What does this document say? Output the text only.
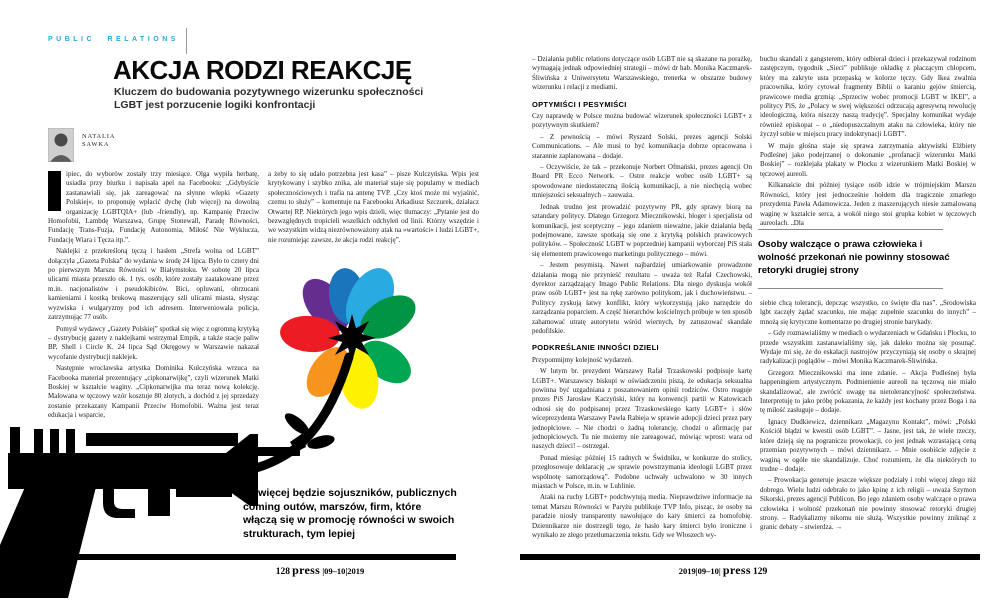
PUBLIC RELATIONS
AKCJA RODZI REAKCJĘ
Kluczem do budowania pozytywnego wizerunku społeczności LGBT jest porzucenie logiki konfrontacji
NATALIA
SAWKA

ipiec, do wyborów zostały trzy miesiące. Olga wypiła herbatę, usiadła przy biurku i napisała apel na Facebooku: „Gdybyście zastanawiali się, jak zareagować na słynne wlepki »Gazety Polskiej«, to proponuję wpłacić dychę (lub więcej) na dowolną organizację LGBTQIA+ (lub -friendly), np. Kampanię Przeciw Homofobii, Lambdę Warszawa, Grupę Stonewall, Paradę Równości, Fundację Trans-Fuzja, Fundację Autonomia, Miłość Nie Wyklucza, Fundację Wiara i Tęcza itp.”.

Naklejki z przekreśloną tęczą i hasłem „Strefa wolna od LGBT” dołączyła „Gazeta Polska” do wydania w środę 24 lipca. Było to cztery dni po pierwszym Marszu Równości w Białymstoku. W sobotę 20 lipca ulicami miasta przeszło ok. 1 tys. osób, które zostały zaatakowane przez m.in. nacjonalistów i pseudokibiców. Bici, opluwani, obrzucani kamieniami i kostką brukową maszerujący szli ulicami miasta, słysząc wyzwiska i wulgaryzmy pod ich adresem. Interweniowała policja, zatrzymując 77 osób.

Pomysł wydawcy „Gazety Polskiej” spotkał się więc z ogromną krytyką – dystrybucję gazety z naklejkami wstrzymał Empik, a także stacje paliw BP, Shell i Circle K. 24 lipca Sąd Okręgowy w Warszawie nakazał wycofanie dystrybucji naklejek.

Następnie wrocławska artystka Dominika Kulczyńska wrzuca na Facebooka materiał prezentujący „cipkonarwijkę”, czyli wizerunek Matki Boskiej w kształcie waginy. „Cipkonarwijka ma teraz nową kolekcję. Malowana w tęczowy wzór kosztuje 80 złotych, a dochód z jej sprzedaży zostanie przekazany Kampanii Przeciw Homofobii. Ważna jest teraz edukacja i wsparcie,

a żeby to się udało potrzebna jest kasa” – pisze Kulczyńska. Wpis jest krytykowany i szybko znika, ale materiał staje się popularny w mediach społecznościowych i trafia na antenę TVP. „Czy ktoś może mi wyjaśnić, czemu to służy” – komentuje na Facebooku Arkadiusz Szczurek, działacz Otwartej RP. Niektórych jego wpis dzieli, więc tłumaczy: „Pytanie jest do bezwzględnych tropicieli wszelkich odchyleń od linii. Którzy wszędzie i we wszystkim widzą niezrównoważony atak na »wartości« i ludzi LGBT+, nie rozumiejąc zawsze, że akcja rodzi reakcję”.

Im więcej będzie sojuszników, publicznych coming outów, marszów, firm, które włączą się w promocję równości w swoich strukturach, tym lepiej
128 press |09–10|2019

– Działania public relations dotyczące osób LGBT nie są skazane na porażkę, wymagają jednak odpowiedniej strategii – mówi dr hab. Monika Kaczmarek-Śliwińska z Uniwersytetu Warszawskiego, trenerka w obszarze budowy wizerunku i relacji z mediami.

OPTYMIŚCI I PESYMIŚCI

Czy naprawdę w Polsce można budować wizerunek społeczności LGBT+ z pozytywnym skutkiem?

– Z pewnością – mówi Ryszard Solski, prezes agencji Solski Communications. – Ale musi to być komunikacja dobrze opracowana i starannie zaplanowana – dodaje.

– Oczywiście, że tak – przekonuje Norbert Ofmański, prezes agencji On Board PR Ecco Network. – Ostre reakcje wobec osób LGBT+ są spowodowane niedostateczną ilością komunikacji, a nie niechęcią wobec mniejszości seksualnych – zauważa.

Jednak trudno jest prowadzić pozytywny PR, gdy sprawy biorą na sztandary politycy. Dlatego Grzegorz Miecznikowski, bloger i specjalista od komunikacji, jest sceptyczny – jego zdaniem nieważne, jakie działania będą podejmowane, zawsze spotkają się one z krytyką polskich prawicowych polityków. – Społeczność LGBT w poprzedniej kampanii wyborczej PiS stała się elementem prawicowego marketingu politycznego – mówi.

– Jestem pesymistą. Nawet najbardziej umiarkowanie prowadzone działania mogą nie przynieść rezultatu – uważa też Rafał Czechowski, dyrektor zarządzający Imago Public Relations. Dla niego dyskusja wokół praw osób LGBT+ jest na rękę zarówno politykom, jak i duchowieństwu. – Politycy zyskują łatwy konflikt, który wykorzystują jako narzędzie do zarządzania poparciem. A część hierarchów kościelnych próbuje w ten sposób zahamować utratę autorytetu wśród wiernych, by zatuszować skandale pedofilskie.

PODKREŚLANIE INNOŚCI DZIELI

Przypomnijmy kolejność wydarzeń.

W lutym br. prezydent Warszawy Rafał Trzaskowski podpisuje kartę LGBT+. Warszawscy biskupi w oświadczeniu piszą, że edukacja seksualna powinna być uzgadniana z poszanowaniem opinii rodziców. Ostro reaguje prezes PiS Jarosław Kaczyński, który na konwencji partii w Katowicach odnosi się do podpisanej przez Trzaskowskiego karty LGBT+ i słów wiceprezydenta Warszawy Pawła Rabieja w sprawie adopcji dzieci przez pary jednopłciowe. – Nie chodzi o żadną tolerancję, chodzi o afirmację par jednopłciowych. Tu nie możemy nie zareagować, mówiąc wprost: wara od naszych dzieci! – ostrzegał.

Ponad miesiąc później 15 radnych w Świdniku, w konkurze do stolicy, przegłosowuje deklarację „w sprawie powstrzymania ideologii LGBT przez wspólnotę samorządową”. Podobne uchwały uchwalono w 30 innych miastach w Polsce, m.in. w Lublinie.

Ataki na ruchy LGBT+ podchwytują media. Nieprawdziwe informacje na temat Marszu Równości w Paryżu publikuje TVP Info, pisząc, że osoby na paradzie niosły transparenty nawołujące do kary śmierci za homofobię. Dziennikarze nie dostrzegli tego, że hasło kary śmierci było ironiczne i wynikało ze złego przetłumaczenia tekstu. Gdy we Włoszech wy-

buchu skandali z gangsterem, który odbierał dzieci i przekazywał rodzinom zastępczym, tygodnik „Sieci” publikuje okładkę z płaczącym chłopcem, który ma zakryte usta przepaską w kolorze tęczy. Gdy Ikea zwalnia pracownika, który cytował fragmenty Biblii o karaniu gejów śmiercią, prawicowe media grzmią: „Sprzeciw wobec promocji LGBT w IKEI”, a politycy PiS, że „Polacy w swej większości odrzucają agresywną rewolucję ideologiczną, która niszczy naszą tradycję”. Specjalny komunikat wydaje również episkopat – o „niedopuszczalnym ataku na człowieka, który nie życzył sobie w miejscu pracy indoktrynacji LGBT”.

W maju głośna staje się sprawa zatrzymania aktywistki Elżbiety Podleśnej jako podejrzanej o dokonanie „profanacji wizerunku Matki Boskiej” – rozklejała plakaty w Płocku z wizerunkiem Matki Boskiej w tęczowej aureoli.

Kilkanaście dni później tysiące osób idzie w trójmiejskim Marszu Równości, który jest jednocześnie hołdem dla tragicznie zmarłego prezydenta Pawła Adamowicza. Jeden z maszerujących niesie zamalowaną waginę w kształcie serca, a wokół niego stoi grupka kobiet w tęczowych aureolach. „Dla

Osoby walczące o prawa człowieka i wolność przekonań nie powinny stosować retoryki drugiej strony

siebie chcą tolerancji, depcząc wszystko, co święte dla nas”. „Środowiska lgbt zaczęły żądać szacunku, nie mając zupełnie szacunku do innych” – mnożą się krytyczne komentarze po drugiej stronie barykady.

– Gdy rozmawialiśmy w mediach o wydarzeniach w Gdańsku i Płocku, to przede wszystkim zastanawialiśmy się, jak daleko można się posunąć. Wydaje mi się, że do eskalacji nastrojów przyczyniają się osoby o skrajnej radykalizacji poglądów – mówi Monika Kaczmarek-Śliwińska.

Grzegorz Miecznikowski ma inne zdanie. – Akcja Podleśnej była happeningiem artystycznym. Podmienienie aureoli na tęczową nie miało skandalizować, ale zwrócić uwagę na nietolerancyjność społeczeństwa. Interpretuję to jako próbę pokazania, że każdy jest kochany przez Boga i na tę miłość zasługuje – dodaje.

Ignacy Dudkiewicz, dziennikarz „Magazynu Kontakt”, mówi: „Polski Kościół błądzi w kwestii osób LGBT”. – Jasne, jest tak, że wiele rzeczy, które dzieją się na pograniczu prowokacji, co jest jednak wzrastającą ceną przemian pozytywnych – mówi dziennikarz. – Mnie osobiście zdjęcie z waginą w ogóle nie skandalizuje. Choć rozumiem, że dla niektórych to trudne – dodaje.

– Prowokacja generuje jeszcze większe podziały i robi więcej złego niż dobrego. Wielu ludzi odebrało to jako kpinę z ich religii – uważa Szymon Sikorski, prezes agencji Publicon. Bo jego zdaniem osoby walczące o prawa człowieka i wolność przekonań nie powinny stosować retoryki drugiej strony. – Radykalizmy nikomu nie służą. Wszystkie powinny zniknąć z granic debaty – stwierdza. →

2019|09–10| press 129
